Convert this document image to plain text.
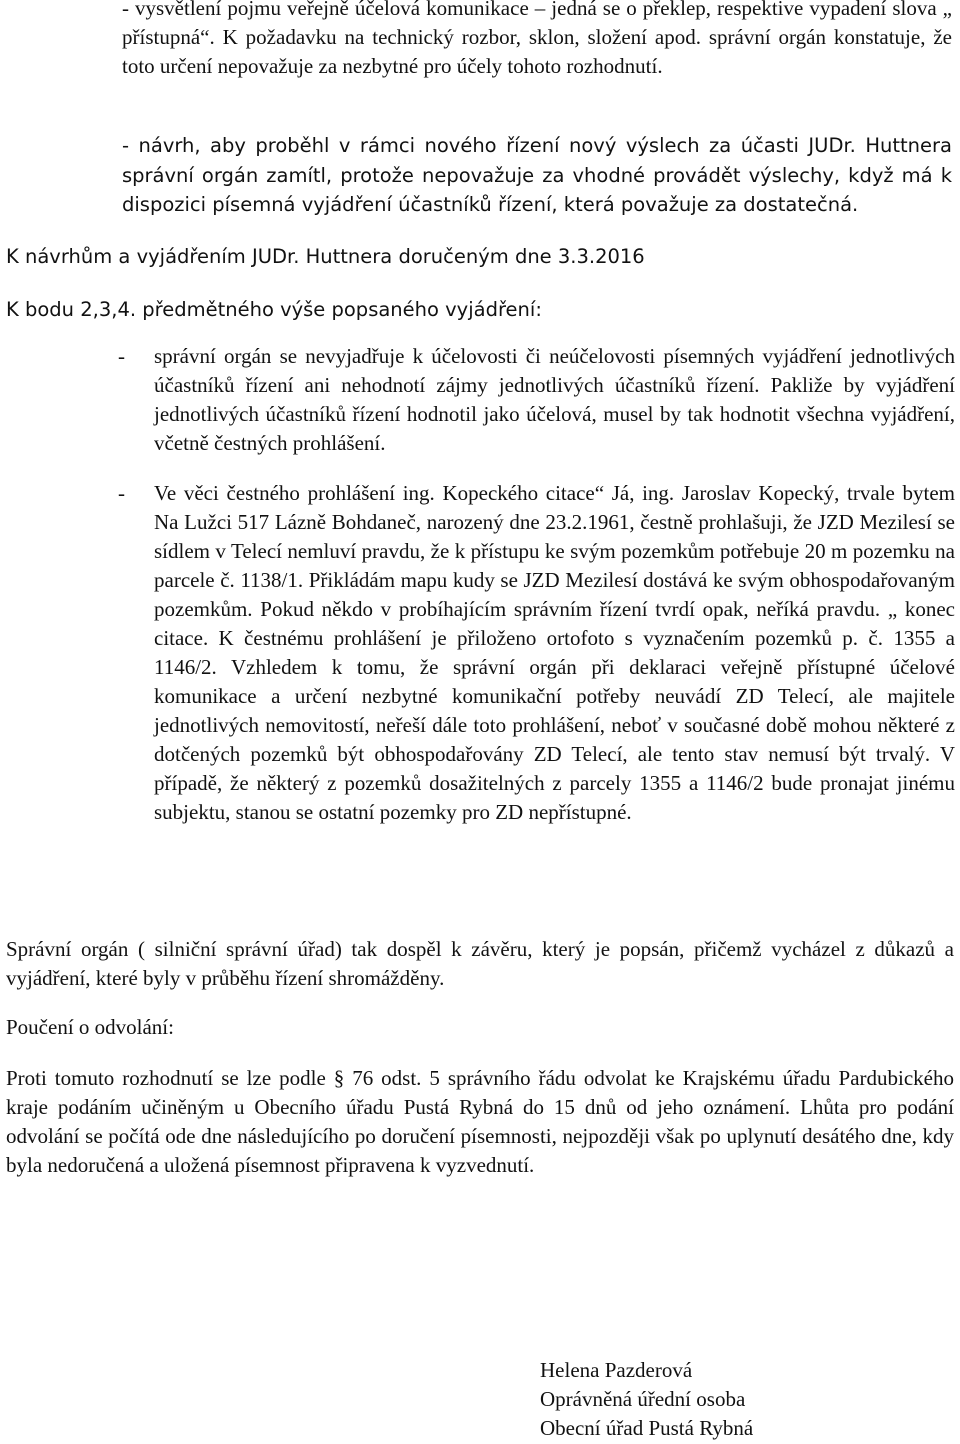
- vysvětlení pojmu veřejně účelová komunikace – jedná se o překlep, respektive vypadení slova „ přístupná“. K požadavku na technický rozbor, sklon, složení apod. správní orgán konstatuje, že toto určení nepovažuje za nezbytné pro účely tohoto rozhodnutí.

- návrh, aby proběhl v rámci nového řízení nový výslech za účasti JUDr. Huttnera správní orgán zamítl, protože nepovažuje za vhodné provádět výslechy, když má k dispozici písemná vyjádření účastníků řízení, která považuje za dostatečná.

K návrhům a vyjádřením JUDr. Huttnera doručeným dne 3.3.2016

K bodu 2,3,4. předmětného výše popsaného vyjádření:

- správní orgán se nevyjadřuje k účelovosti či neúčelovosti písemných vyjádření jednotlivých účastníků řízení ani nehodnotí zájmy jednotlivých účastníků řízení. Pakliže by vyjádření jednotlivých účastníků řízení hodnotil jako účelová, musel by tak hodnotit všechna vyjádření, včetně čestných prohlášení.

- Ve věci čestného prohlášení ing. Kopeckého citace“ Já, ing. Jaroslav Kopecký, trvale bytem Na Lužci 517 Lázně Bohdaneč, narozený dne 23.2.1961, čestně prohlašuji, že JZD Mezilesí se sídlem v Telecí nemluví pravdu, že k přístupu ke svým pozemkům potřebuje 20 m pozemku na parcele č. 1138/1. Přikládám mapu kudy se JZD Mezilesí dostává ke svým obhospodařovaným pozemkům. Pokud někdo v probíhajícím správním řízení tvrdí opak, neříká pravdu. „ konec citace. K čestnému prohlášení je přiloženo ortofoto s vyznačením pozemků p. č. 1355 a 1146/2. Vzhledem k tomu, že správní orgán při deklaraci veřejně přístupné účelové komunikace a určení nezbytné komunikační potřeby neuvádí ZD Telecí, ale majitele jednotlivých nemovitostí, neřeší dále toto prohlášení, neboť v současné době mohou některé z dotčených pozemků být obhospodařovány ZD Telecí, ale tento stav nemusí být trvalý. V případě, že některý z pozemků dosažitelných z parcely 1355 a 1146/2 bude pronajat jinému subjektu, stanou se ostatní pozemky pro ZD nepřístupné.

Správní orgán ( silniční správní úřad) tak dospěl k závěru, který je popsán, přičemž vycházel z důkazů a vyjádření, které byly v průběhu řízení shromážděny.

Poučení o odvolání:

Proti tomuto rozhodnutí se lze podle § 76 odst. 5 správního řádu odvolat ke Krajskému úřadu Pardubického kraje podáním učiněným u Obecního úřadu Pustá Rybná do 15 dnů od jeho oznámení. Lhůta pro podání odvolání se počítá ode dne následujícího po doručení písemnosti, nejpozději však po uplynutí desátého dne, kdy byla nedoručená a uložená písemnost připravena k vyzvednutí.

Helena Pazderová
Oprávněná úřední osoba
Obecní úřad Pustá Rybná
